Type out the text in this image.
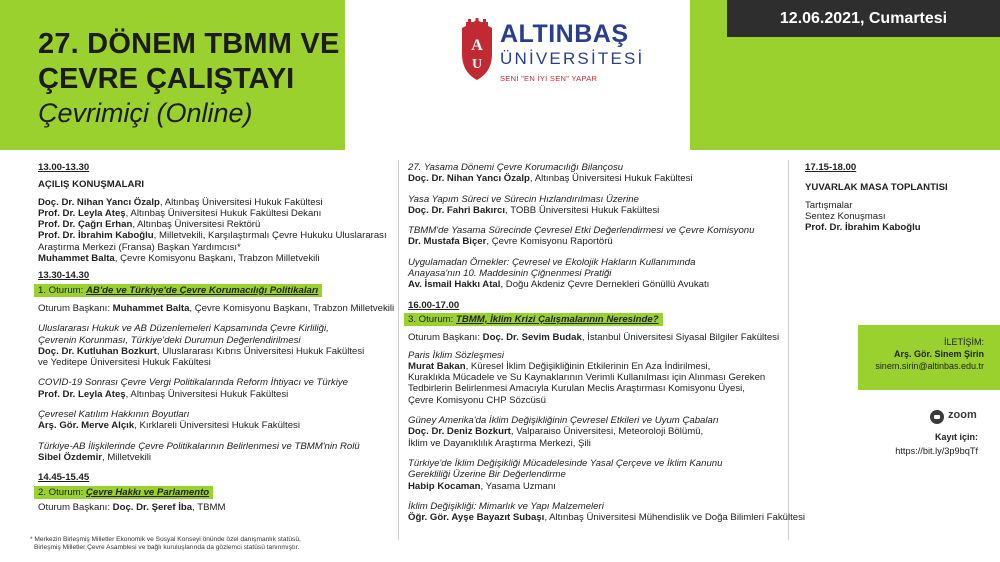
27. DÖNEM TBMM VE
ÇEVRE ÇALIŞTAYI
Çevrimiçi (Online)
12.06.2021, Cumartesi
A
U
ALTINBAŞ
ÜNİVERSİTESİ
SENİ "EN İYİ SEN" YAPAR
13.00-13.30
AÇILIŞ KONUŞMALARI
Doç. Dr. Nihan Yancı Özalp, Altınbaş Üniversitesi Hukuk Fakültesi
Prof. Dr. Leyla Ateş, Altınbaş Üniversitesi Hukuk Fakültesi Dekanı
Prof. Dr. Çağrı Erhan, Altınbaş Üniversitesi Rektörü
Prof. Dr. İbrahim Kaboğlu, Milletvekili, Karşılaştırmalı Çevre Hukuku Uluslararası
Araştırma Merkezi (Fransa) Başkan Yardımcısı*
Muhammet Balta, Çevre Komisyonu Başkanı, Trabzon Milletvekili
13.30-14.30
1. Oturum: AB'de ve Türkiye'de Çevre Korumacılığı Politikaları
Oturum Başkanı: Muhammet Balta, Çevre Komisyonu Başkanı, Trabzon Milletvekili
Uluslararası Hukuk ve AB Düzenlemeleri Kapsamında Çevre Kirliliği,
Çevrenin Korunması, Türkiye'deki Durumun Değerlendirilmesi
Doç. Dr. Kutluhan Bozkurt, Uluslararası Kıbrıs Üniversitesi Hukuk Fakültesi
ve Yeditepe Üniversitesi Hukuk Fakültesi
COVID-19 Sonrası Çevre Vergi Politikalarında Reform İhtiyacı ve Türkiye
Prof. Dr. Leyla Ateş, Altınbaş Üniversitesi Hukuk Fakültesi
Çevresel Katılım Hakkının Boyutları
Arş. Gör. Merve Alçık, Kırklareli Üniversitesi Hukuk Fakültesi
Türkiye-AB İlişkilerinde Çevre Politikalarının Belirlenmesi ve TBMM'nin Rolü
Sibel Özdemir, Milletvekili
14.45-15.45
2. Oturum: Çevre Hakkı ve Parlamento
Oturum Başkanı: Doç. Dr. Şeref İba, TBMM
27. Yasama Dönemi Çevre Korumacılığı Bilançosu
Doç. Dr. Nihan Yancı Özalp, Altınbaş Üniversitesi Hukuk Fakültesi
Yasa Yapım Süreci ve Sürecin Hızlandırılması Üzerine
Doç. Dr. Fahri Bakırcı, TOBB Üniversitesi Hukuk Fakültesi
TBMM'de Yasama Sürecinde Çevresel Etki Değerlendirmesi ve Çevre Komisyonu
Dr. Mustafa Biçer, Çevre Komisyonu Raportörü
Uygulamadan Örnekler: Çevresel ve Ekolojik Hakların Kullanımında
Anayasa'nın 10. Maddesinin Çiğnenmesi Pratiği
Av. İsmail Hakkı Atal, Doğu Akdeniz Çevre Dernekleri Gönüllü Avukatı
16.00-17.00
3. Oturum: TBMM, İklim Krizi Çalışmalarının Neresinde?
Oturum Başkanı: Doç. Dr. Sevim Budak, İstanbul Üniversitesi Siyasal Bilgiler Fakültesi
Paris İklim Sözleşmesi
Murat Bakan, Küresel İklim Değişikliğinin Etkilerinin En Aza İndirilmesi,
Kuraklıkla Mücadele ve Su Kaynaklarının Verimli Kullanılması için Alınması Gereken
Tedbirlerin Belirlenmesi Amacıyla Kurulan Meclis Araştırması Komisyonu Üyesi,
Çevre Komisyonu CHP Sözcüsü
Güney Amerika'da İklim Değişikliğinin Çevresel Etkileri ve Uyum Çabaları
Doç. Dr. Deniz Bozkurt, Valparaiso Üniversitesi, Meteoroloji Bölümü,
İklim ve Dayanıklılık Araştırma Merkezi, Şili
Türkiye'de İklim Değişikliği Mücadelesinde Yasal Çerçeve ve İklim Kanunu
Gerekliliği Üzerine Bir Değerlendirme
Habip Kocaman, Yasama Uzmanı
İklim Değişikliği: Mimarlık ve Yapı Malzemeleri
Öğr. Gör. Ayşe Bayazıt Subaşı, Altınbaş Üniversitesi Mühendislik ve Doğa Bilimleri Fakültesi
17.15-18.00
YUVARLAK MASA TOPLANTISI
Tartışmalar
Sentez Konuşması
Prof. Dr. İbrahim Kaboğlu
İLETİŞİM:
Arş. Gör. Sinem Şirin
sinem.sirin@altinbas.edu.tr
zoom
Kayıt için:
https://bit.ly/3p9bqTf
* Merkezin Birleşmiş Milletler Ekonomik ve Sosyal Konseyi önünde özel danışmanlık statüsü,
Birleşmiş Milletler Çevre Asamblesi ve bağlı kuruluşlarında da gözlemci statüsü tanınmıştır.
